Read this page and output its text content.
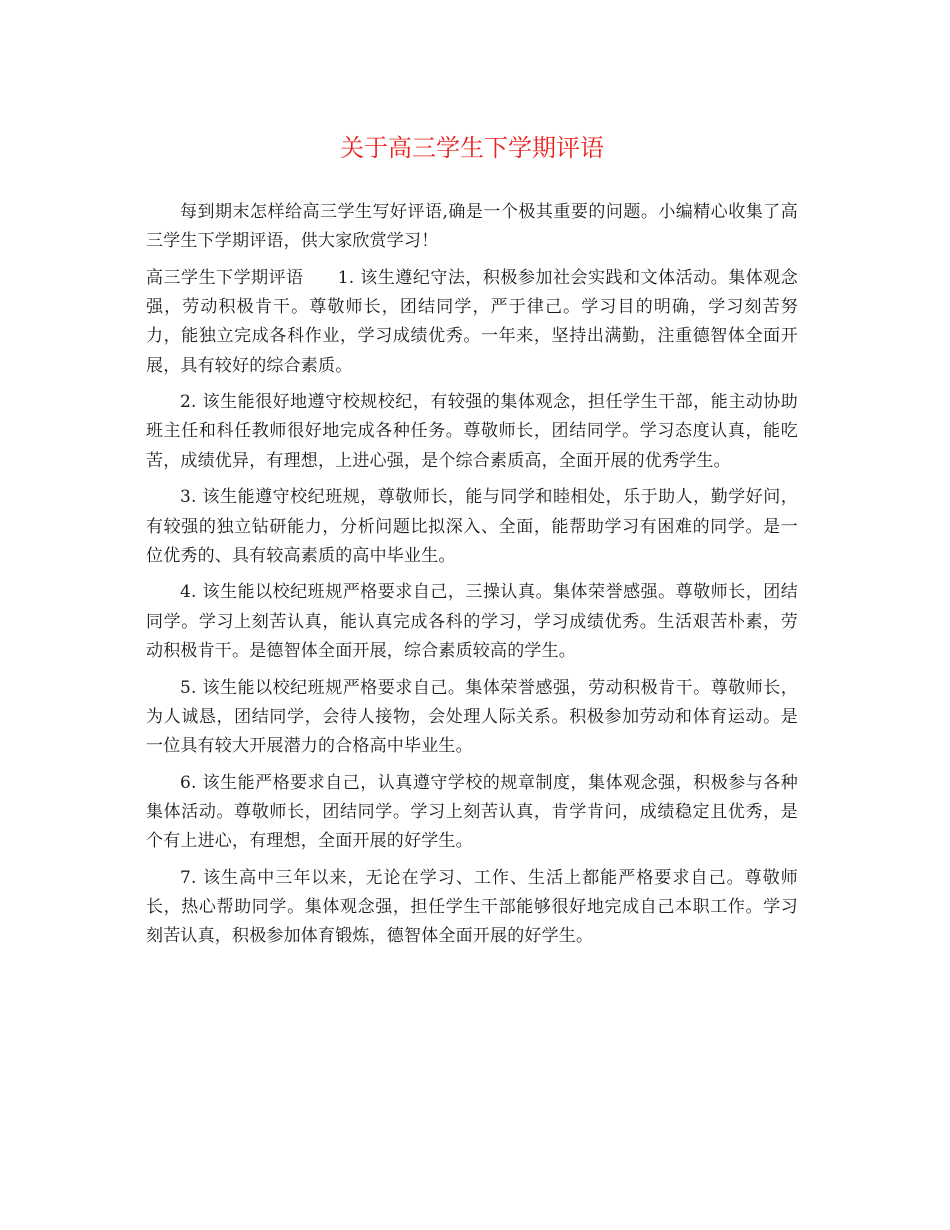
关于高三学生下学期评语

每到期末怎样给高三学生写好评语,确是一个极其重要的问题。小编精心收集了高三学生下学期评语，供大家欣赏学习！

高三学生下学期评语 1. 该生遵纪守法，积极参加社会实践和文体活动。集体观念强，劳动积极肯干。尊敬师长，团结同学，严于律己。学习目的明确，学习刻苦努力，能独立完成各科作业，学习成绩优秀。一年来，坚持出满勤，注重德智体全面开展，具有较好的综合素质。

2. 该生能很好地遵守校规校纪，有较强的集体观念，担任学生干部，能主动协助班主任和科任教师很好地完成各种任务。尊敬师长，团结同学。学习态度认真，能吃苦，成绩优异，有理想，上进心强，是个综合素质高，全面开展的优秀学生。

3. 该生能遵守校纪班规，尊敬师长，能与同学和睦相处，乐于助人，勤学好问，有较强的独立钻研能力，分析问题比拟深入、全面，能帮助学习有困难的同学。是一位优秀的、具有较高素质的高中毕业生。

4. 该生能以校纪班规严格要求自己，三操认真。集体荣誉感强。尊敬师长，团结同学。学习上刻苦认真，能认真完成各科的学习，学习成绩优秀。生活艰苦朴素，劳动积极肯干。是德智体全面开展，综合素质较高的学生。

5. 该生能以校纪班规严格要求自己。集体荣誉感强，劳动积极肯干。尊敬师长，为人诚恳，团结同学，会待人接物，会处理人际关系。积极参加劳动和体育运动。是一位具有较大开展潜力的合格高中毕业生。

6. 该生能严格要求自己，认真遵守学校的规章制度，集体观念强，积极参与各种集体活动。尊敬师长，团结同学。学习上刻苦认真，肯学肯问，成绩稳定且优秀，是个有上进心，有理想，全面开展的好学生。

7. 该生高中三年以来，无论在学习、工作、生活上都能严格要求自己。尊敬师长，热心帮助同学。集体观念强，担任学生干部能够很好地完成自己本职工作。学习刻苦认真，积极参加体育锻炼，德智体全面开展的好学生。
